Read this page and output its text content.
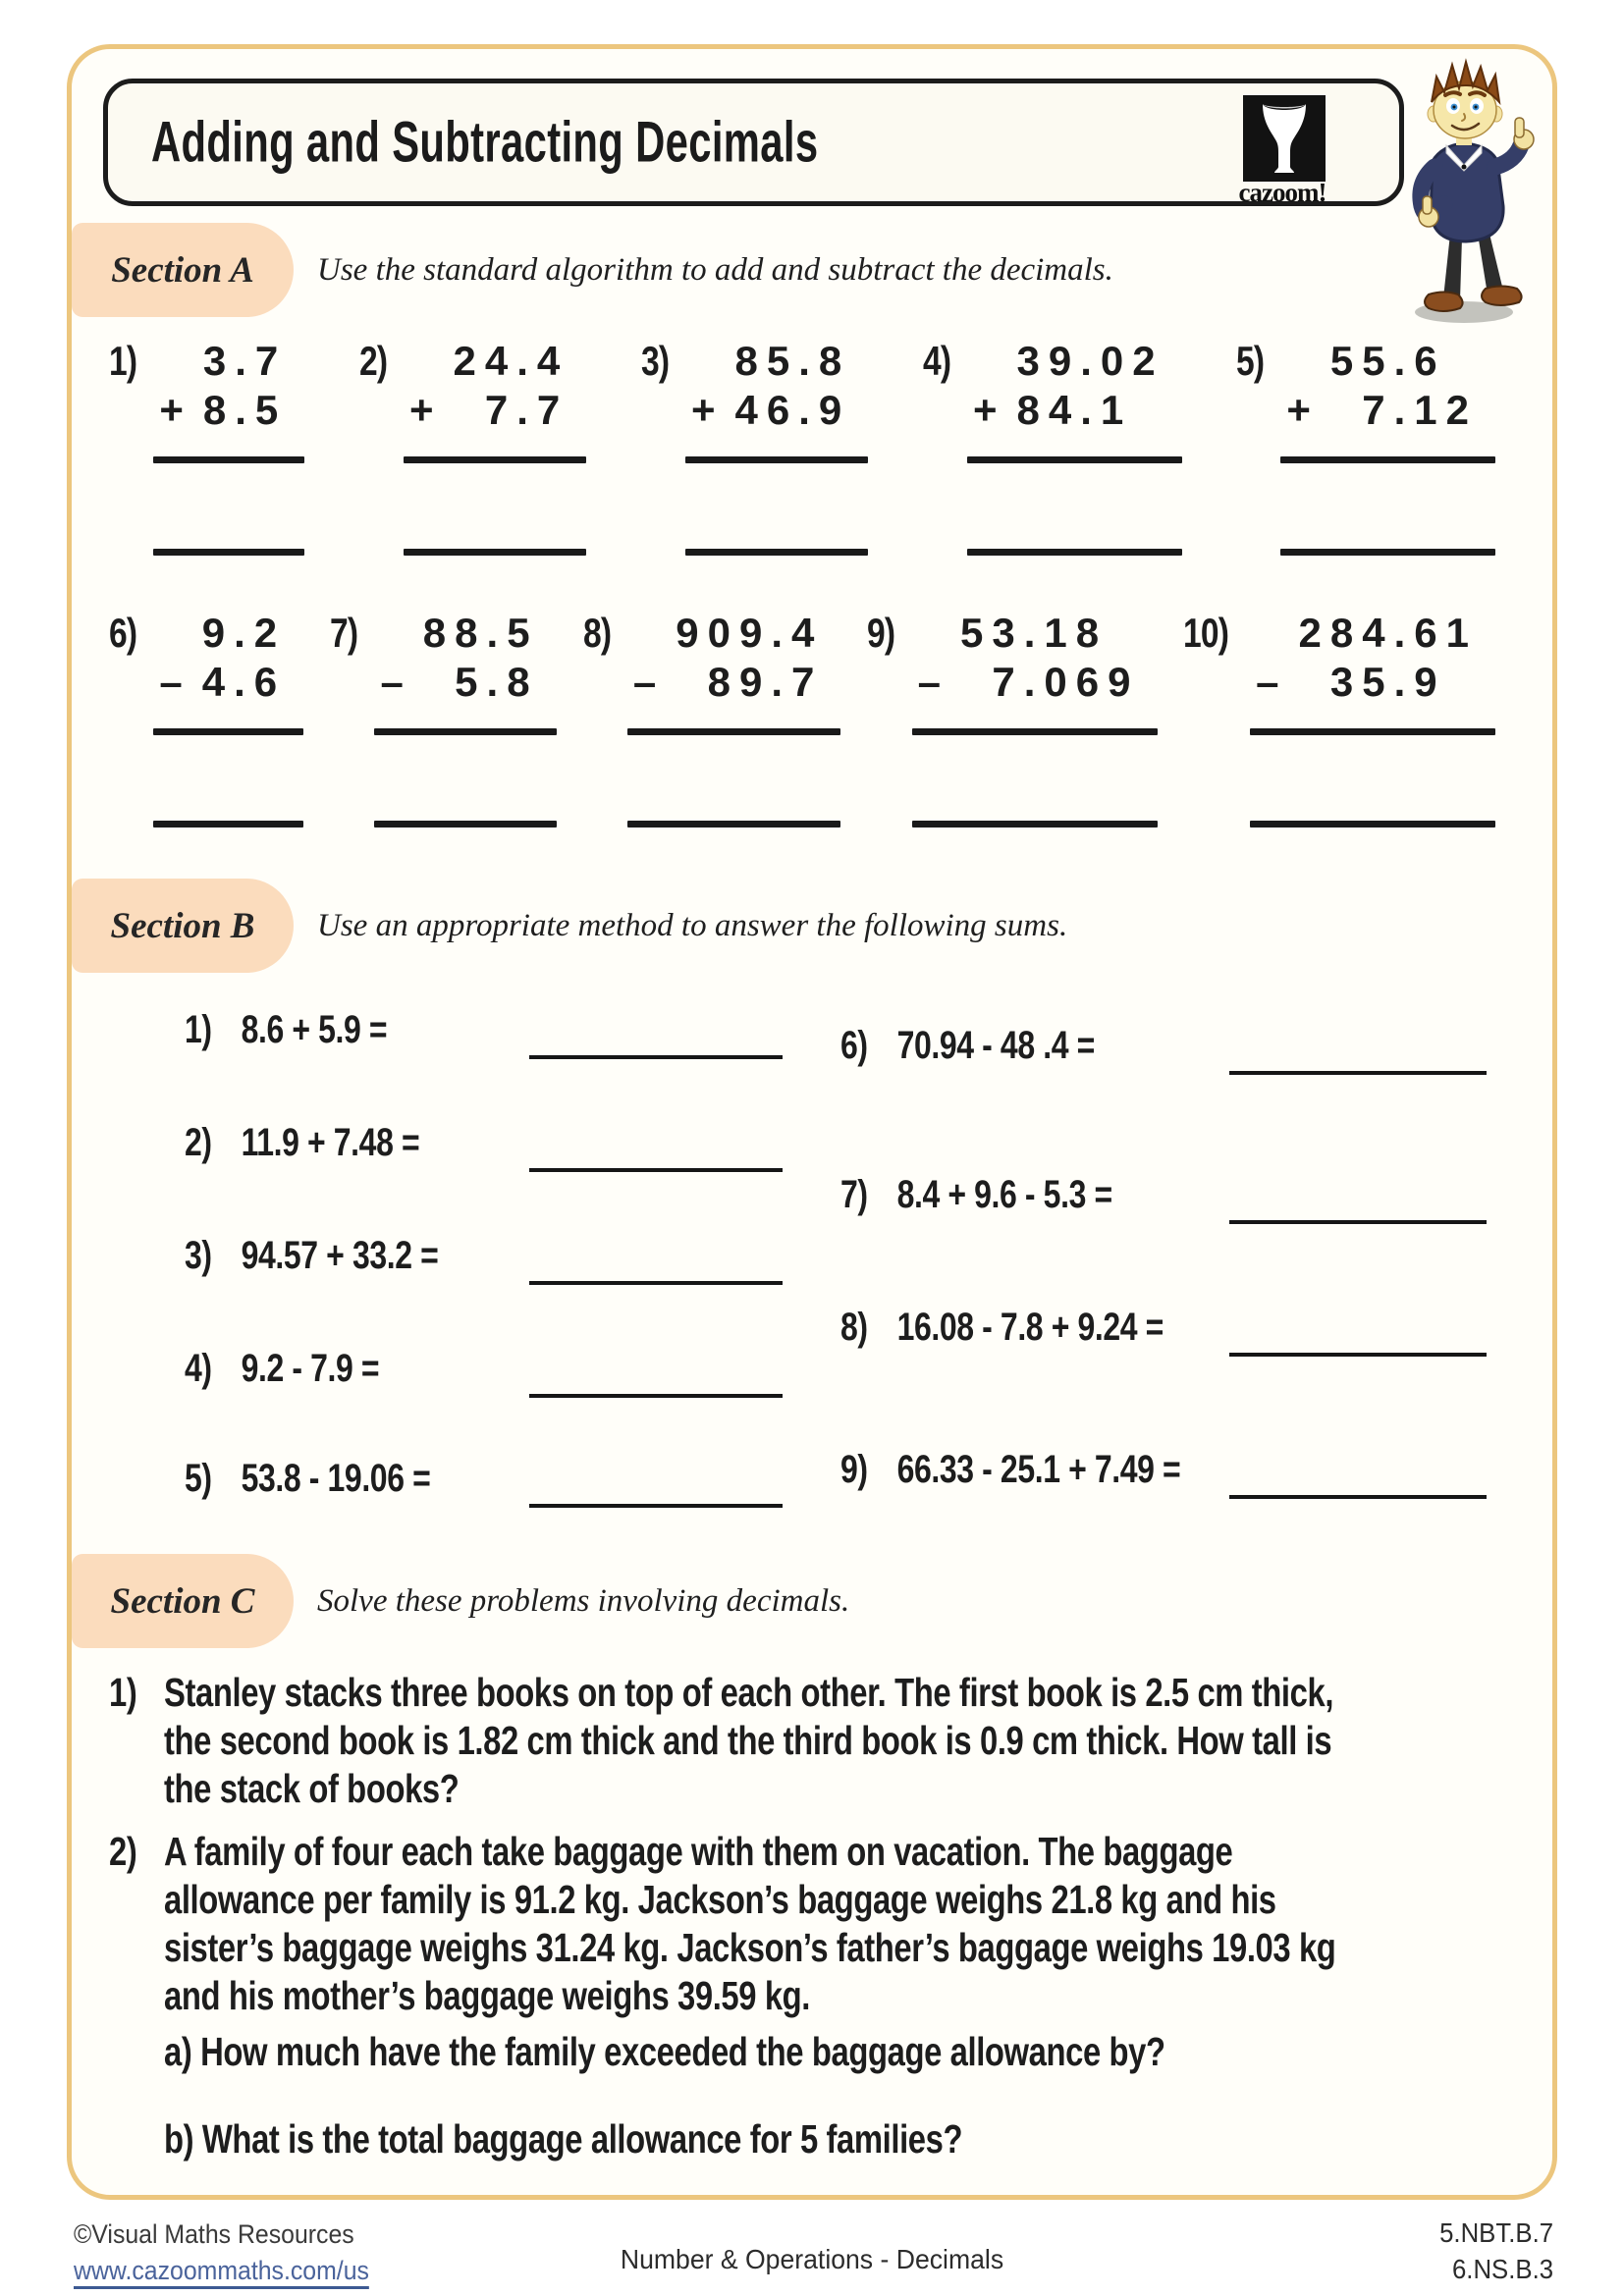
Adding and Subtracting Decimals
cazoom!
Section A	Use the standard algorithm to add and subtract the decimals.
1) 3 . 7
+ 8 . 5
2) 24 . 4
+	7 . 7
3) 85 . 8
+ 46 . 9
4) 39 . 02
+ 84 . 1
5) 55 . 6
+	7 . 12
6) 9 . 2
– 4 . 6
7) 88 . 5
–	5 . 8
8) 909 . 4
–	89 . 7
9) 53 . 18
–	7 . 069
10) 284 . 61
–	35 . 9
Section B	Use an appropriate method to answer the following sums.
1) 8.6 + 5.9 =
2) 11.9 + 7.48 =
3) 94.57 + 33.2 =
4) 9.2 - 7.9 =
5) 53.8 - 19.06 =
6) 70.94 - 48 .4 =
7) 8.4 + 9.6 - 5.3 =
8) 16.08 - 7.8 + 9.24 =
9) 66.33 - 25.1 + 7.49 =
Section C	Solve these problems involving decimals.
1) Stanley stacks three books on top of each other. The first book is 2.5 cm thick,
the second book is 1.82 cm thick and the third book is 0.9 cm thick. How tall is
the stack of books?
2) A family of four each take baggage with them on vacation. The baggage
allowance per family is 91.2 kg. Jackson’s baggage weighs 21.8 kg and his
sister’s baggage weighs 31.24 kg. Jackson’s father’s baggage weighs 19.03 kg
and his mother’s baggage weighs 39.59 kg.
a) How much have the family exceeded the baggage allowance by?
b) What is the total baggage allowance for 5 families?
©Visual Maths Resources
www.cazoommaths.com/us	Number & Operations - Decimals
5.NBT.B.7
6.NS.B.3
